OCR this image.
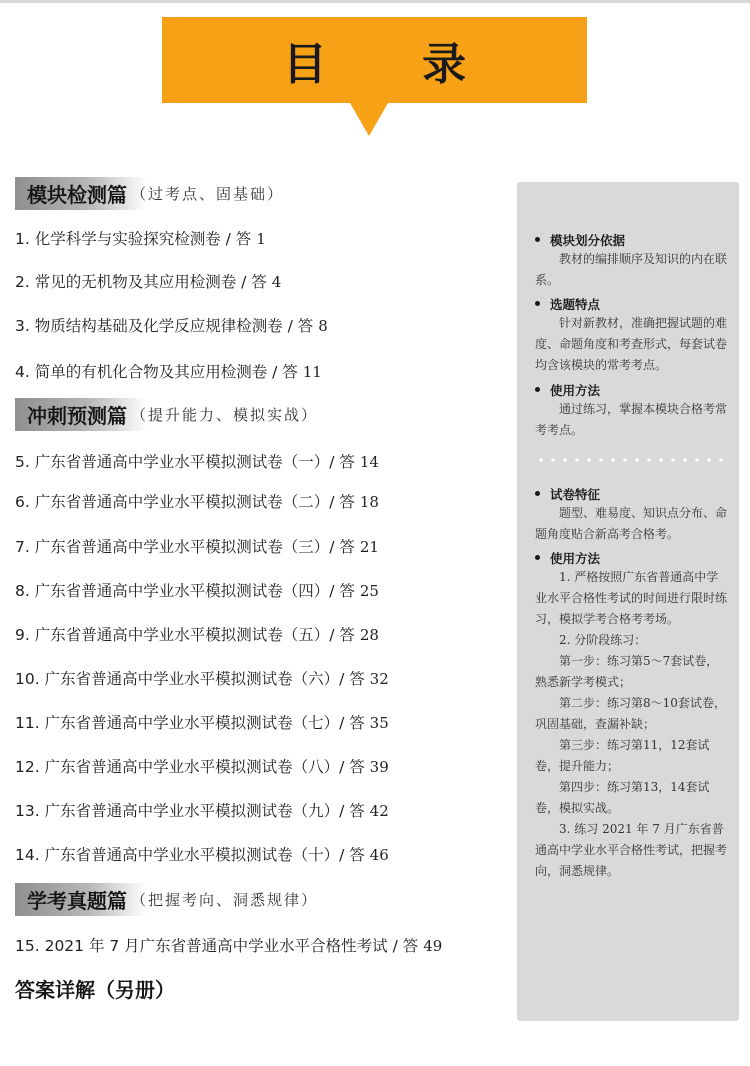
目 录
模块检测篇 （过考点、固基础）
1. 化学科学与实验探究检测卷 / 答 1
2. 常见的无机物及其应用检测卷 / 答 4
3. 物质结构基础及化学反应规律检测卷 / 答 8
4. 简单的有机化合物及其应用检测卷 / 答 11
冲刺预测篇 （提升能力、模拟实战）
5. 广东省普通高中学业水平模拟测试卷（一）/ 答 14
6. 广东省普通高中学业水平模拟测试卷（二）/ 答 18
7. 广东省普通高中学业水平模拟测试卷（三）/ 答 21
8. 广东省普通高中学业水平模拟测试卷（四）/ 答 25
9. 广东省普通高中学业水平模拟测试卷（五）/ 答 28
10. 广东省普通高中学业水平模拟测试卷（六）/ 答 32
11. 广东省普通高中学业水平模拟测试卷（七）/ 答 35
12. 广东省普通高中学业水平模拟测试卷（八）/ 答 39
13. 广东省普通高中学业水平模拟测试卷（九）/ 答 42
14. 广东省普通高中学业水平模拟测试卷（十）/ 答 46
学考真题篇 （把握考向、洞悉规律）
15. 2021 年 7 月广东省普通高中学业水平合格性考试 / 答 49
答案详解（另册）
模块划分依据

教材的编排顺序及知识的内在联系。

选题特点

针对新教材，准确把握试题的难度、命题角度和考查形式，每套试卷均含该模块的常考考点。

使用方法

通过练习，掌握本模块合格考常考考点。

试卷特征

题型、难易度、知识点分布、命题角度贴合新高考合格考。

使用方法

1. 严格按照广东省普通高中学业水平合格性考试的时间进行限时练习，模拟学考合格考考场。

2. 分阶段练习：

第一步：练习第5～7套试卷，熟悉新学考模式；

第二步：练习第8～10套试卷，巩固基础，查漏补缺；

第三步：练习第11，12套试卷，提升能力；

第四步：练习第13，14套试卷，模拟实战。

3. 练习 2021 年 7 月广东省普通高中学业水平合格性考试，把握考向，洞悉规律。
